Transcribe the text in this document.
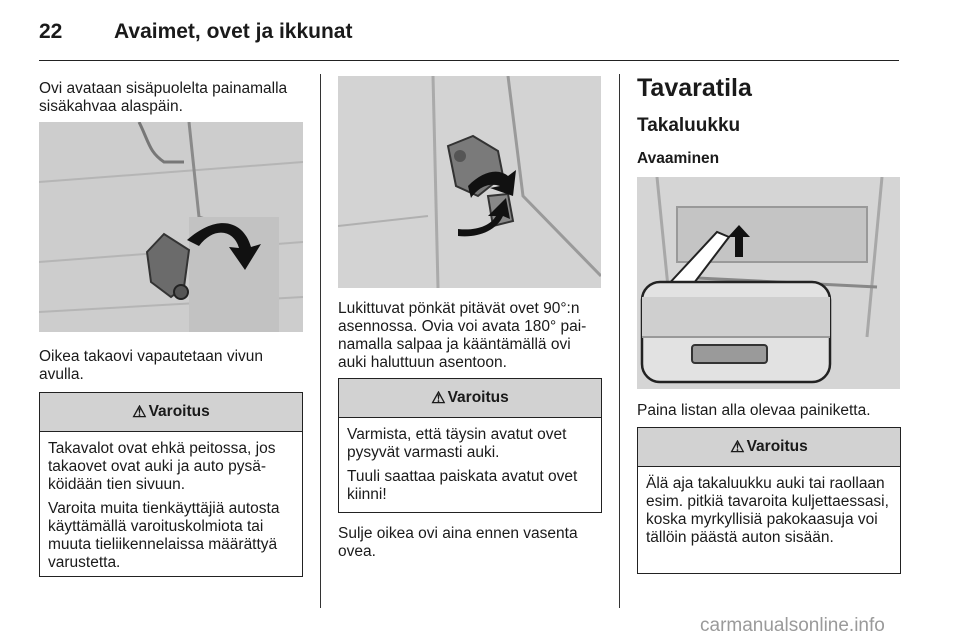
22 Avaimet, ovet ja ikkunat
Ovi avataan sisäpuolelta painamalla sisäkahvaa alaspäin.
Oikea takaovi vapautetaan vivun avulla.
⚠ Varoitus

Takavalot ovat ehkä peitossa, jos takaovet ovat auki ja auto pysäköidään tien sivuun.

Varoita muita tienkäyttäjiä autosta käyttämällä varoituskolmiota tai muuta tieliikennelaissa määrättyä varustetta.

Lukittuvat pönkät pitävät ovet 90°:n asennossa. Ovia voi avata 180° painamalla salpaa ja kääntämällä ovi auki haluttuun asentoon.
⚠ Varoitus

Varmista, että täysin avatut ovet pysyvät varmasti auki.

Tuuli saattaa paiskata avatut ovet kiinni!

Sulje oikea ovi aina ennen vasenta ovea.
Tavaratila
Takaluukku
Avaaminen
Paina listan alla olevaa painiketta.
⚠ Varoitus

Älä aja takaluukku auki tai raollaan esim. pitkiä tavaroita kuljettaessasi, koska myrkyllisiä pakokaasuja voi tällöin päästä auton sisään.

carmanualsonline.info
